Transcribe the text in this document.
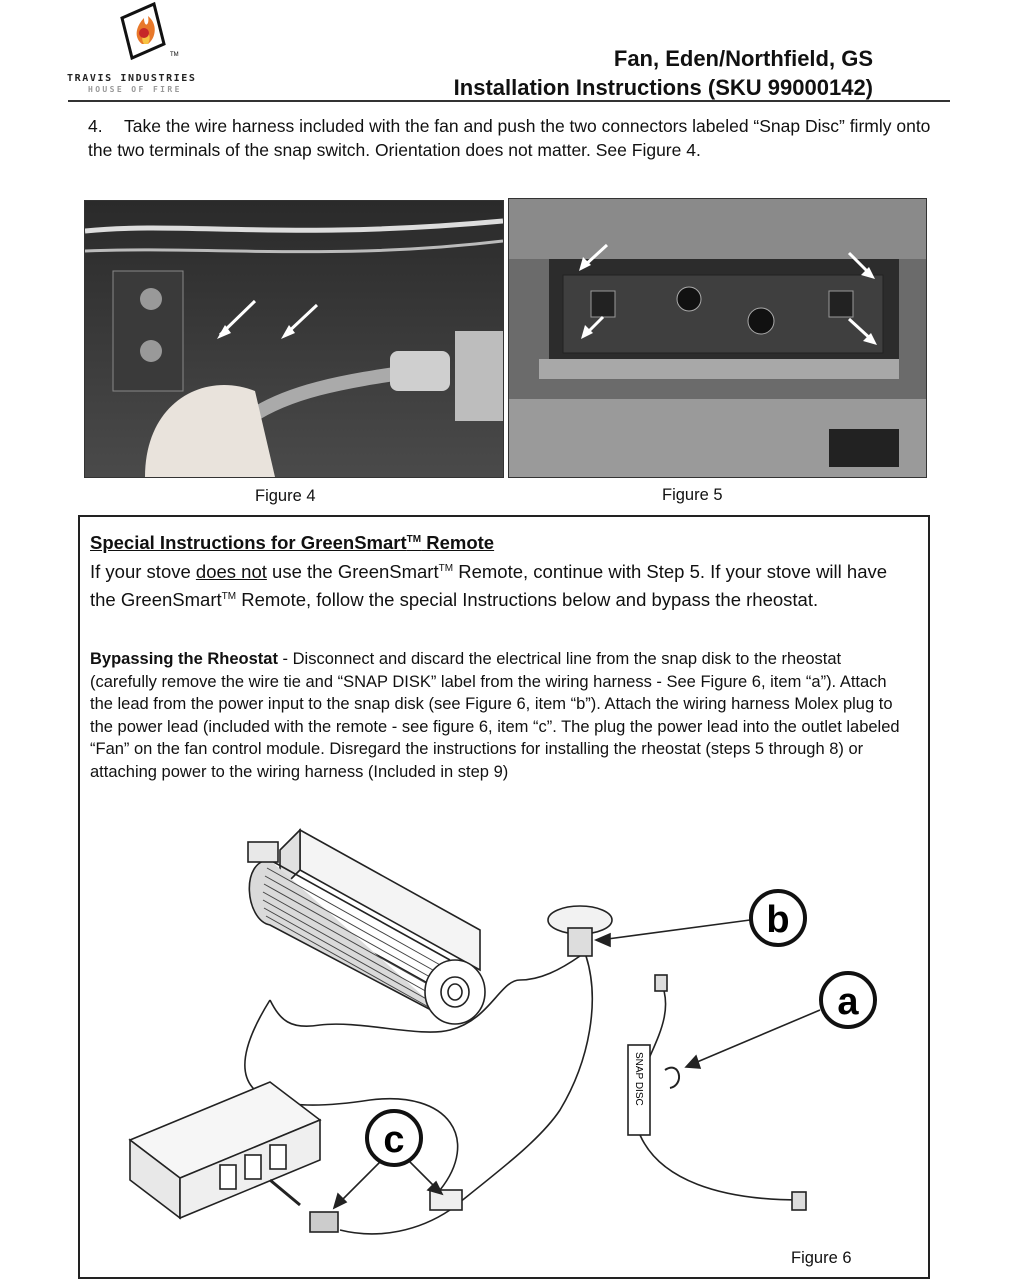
TM
TRAVIS INDUSTRIES
HOUSE OF FIRE
Fan, Eden/Northfield, GS
Installation Instructions (SKU 99000142)
4. Take the wire harness included with the fan and push the two connectors labeled “Snap Disc” firmly onto the two terminals of the snap switch. Orientation does not matter. See Figure 4.
Figure 4	Figure 5
Special Instructions for GreenSmart™ Remote
If your stove does not use the GreenSmart™ Remote, continue with Step 5. If your stove will have the GreenSmart™ Remote, follow the special Instructions below and bypass the rheostat.
Bypassing the Rheostat - Disconnect and discard the electrical line from the snap disk to the rheostat (carefully remove the wire tie and “SNAP DISK” label from the wiring harness - See Figure 6, item “a”). Attach the lead from the power input to the snap disk (see Figure 6, item “b”). Attach the wiring harness Molex plug to the power lead (included with the remote - see figure 6, item “c”. The plug the power lead into the outlet labeled “Fan” on the fan control module. Disregard the instructions for installing the rheostat (steps 5 through 8) or attaching power to the wiring harness (Included in step 9)
b
a
c
SNAP DISC
Figure 6
